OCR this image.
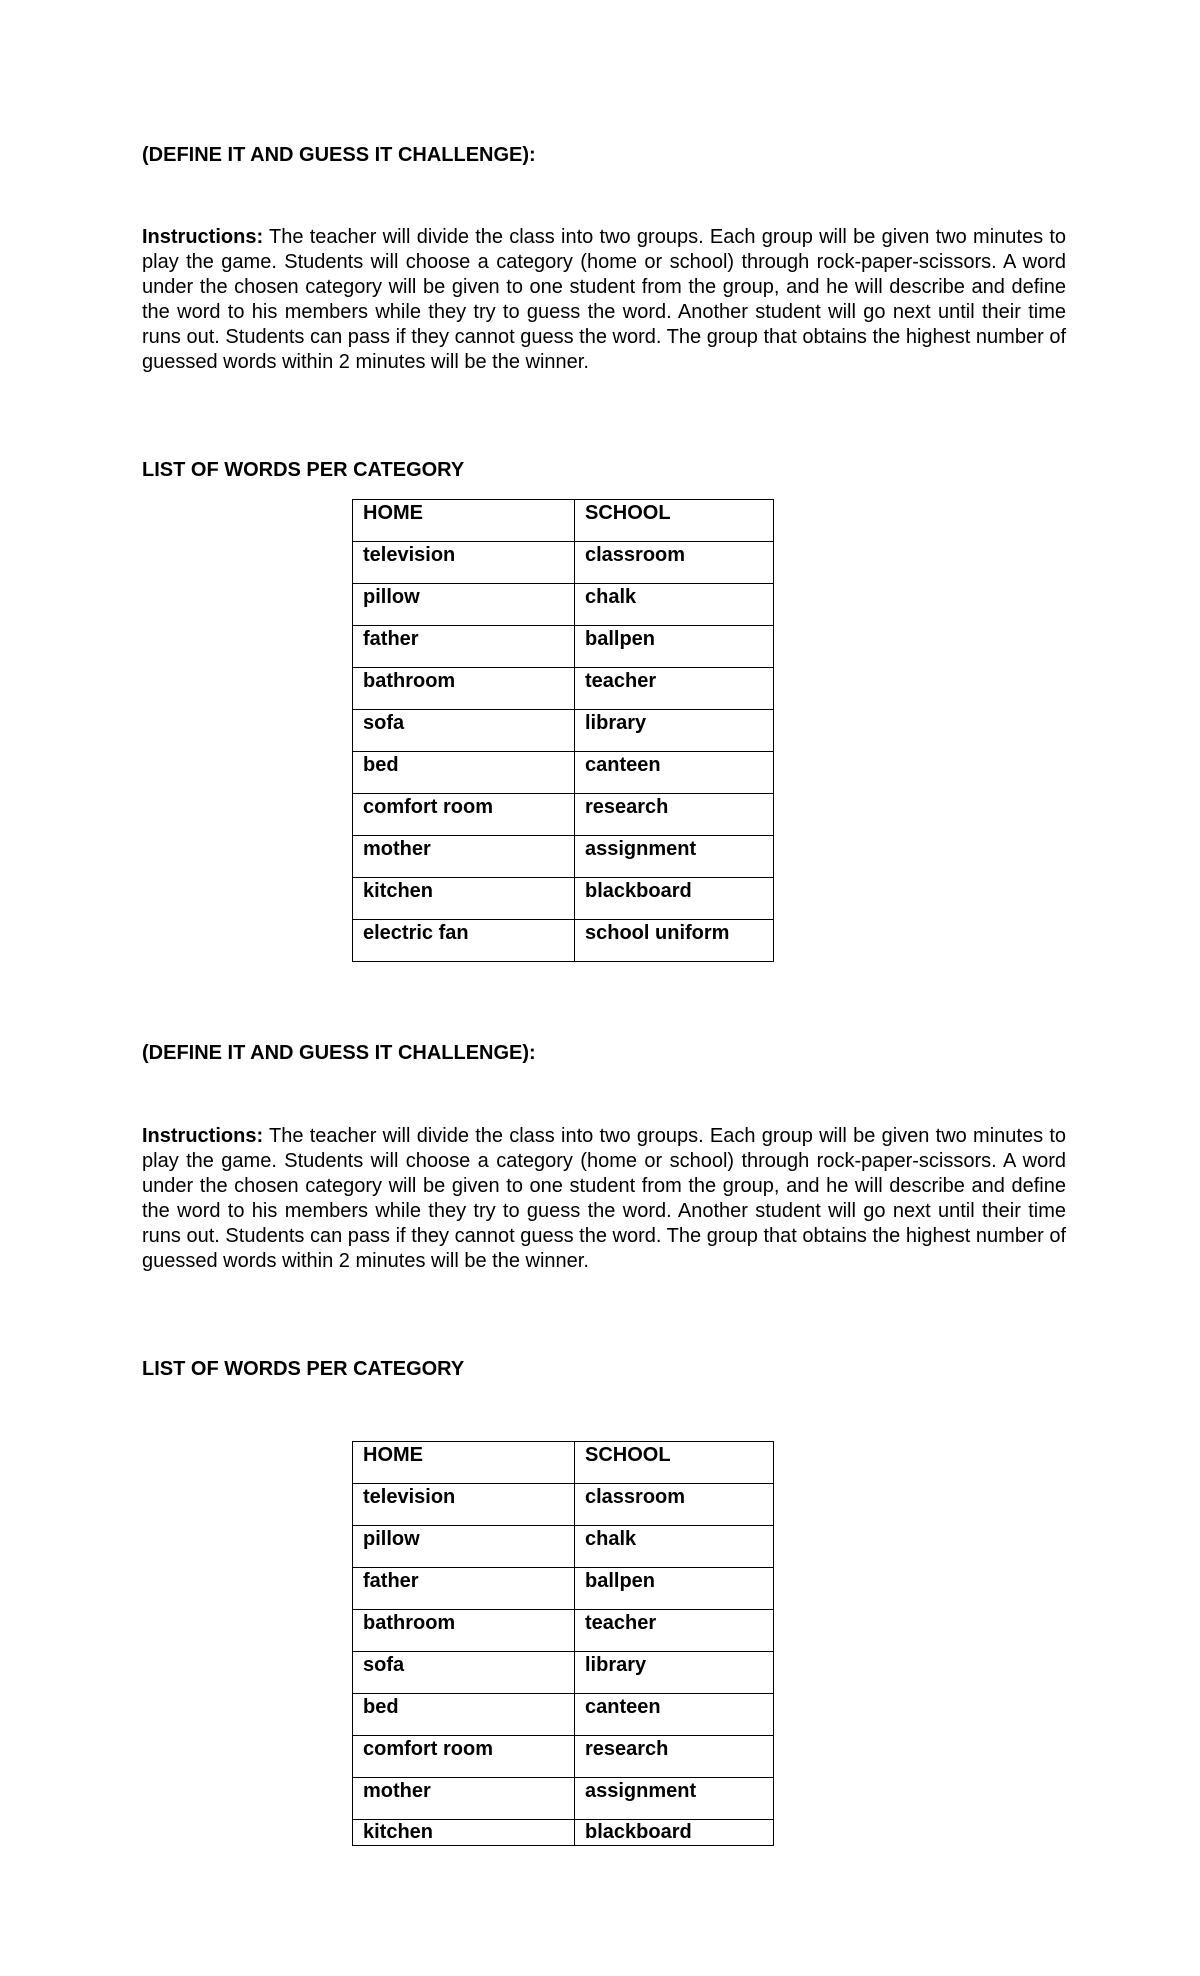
(DEFINE IT AND GUESS IT CHALLENGE):

Instructions: The teacher will divide the class into two groups. Each group will be given two minutes to play the game. Students will choose a category (home or school) through rock-paper-scissors. A word under the chosen category will be given to one student from the group, and he will describe and define the word to his members while they try to guess the word. Another student will go next until their time runs out. Students can pass if they cannot guess the word. The group that obtains the highest number of guessed words within 2 minutes will be the winner.

LIST OF WORDS PER CATEGORY

HOME	SCHOOL
television	classroom
pillow	chalk
father	ballpen
bathroom	teacher
sofa	library
bed	canteen
comfort room	research
mother	assignment
kitchen	blackboard
electric fan	school uniform

(DEFINE IT AND GUESS IT CHALLENGE):

Instructions: The teacher will divide the class into two groups. Each group will be given two minutes to play the game. Students will choose a category (home or school) through rock-paper-scissors. A word under the chosen category will be given to one student from the group, and he will describe and define the word to his members while they try to guess the word. Another student will go next until their time runs out. Students can pass if they cannot guess the word. The group that obtains the highest number of guessed words within 2 minutes will be the winner.

LIST OF WORDS PER CATEGORY

HOME	SCHOOL
television	classroom
pillow	chalk
father	ballpen
bathroom	teacher
sofa	library
bed	canteen
comfort room	research
mother	assignment
kitchen	blackboard
